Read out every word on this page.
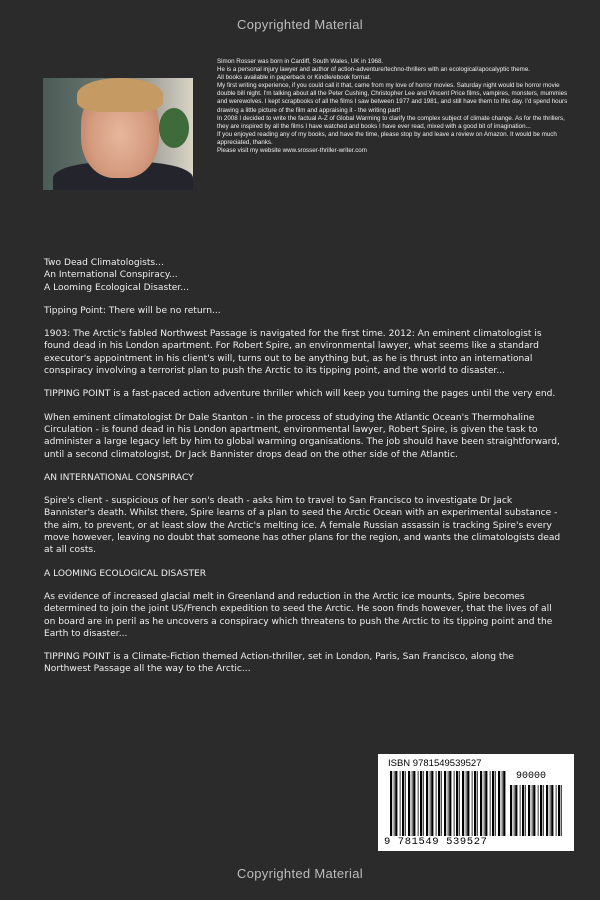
Copyrighted Material

Simon Rosser was born in Cardiff, South Wales, UK in 1968.

He is a personal injury lawyer and author of action-adventure/techno-thrillers with an ecological/apocalyptic theme.

All books available in paperback or Kindle/ebook format.

My first writing experience, if you could call it that, came from my love of horror movies. Saturday night would be horror movie double bill night. I'm talking about all the Peter Cushing, Christopher Lee and Vincent Price films, vampires, monsters, mummies and werewolves. I kept scrapbooks of all the films I saw between 1977 and 1981, and still have them to this day. I'd spend hours drawing a little picture of the film and appraising it - the writing part!

In 2008 I decided to write the factual A-Z of Global Warming to clarify the complex subject of climate change. As for the thrillers, they are inspired by all the films I have watched and books I have ever read, mixed with a good bit of imagination...

If you enjoyed reading any of my books, and have the time, please stop by and leave a review on Amazon. It would be much appreciated, thanks.

Please visit my website www.srosser-thriller-writer.com

Two Dead Climatologists...

An International Conspiracy...

A Looming Ecological Disaster...

Tipping Point: There will be no return...

1903: The Arctic's fabled Northwest Passage is navigated for the first time. 2012: An eminent climatologist is found dead in his London apartment. For Robert Spire, an environmental lawyer, what seems like a standard executor's appointment in his client's will, turns out to be anything but, as he is thrust into an international conspiracy involving a terrorist plan to push the Arctic to its tipping point, and the world to disaster...

TIPPING POINT is a fast-paced action adventure thriller which will keep you turning the pages until the very end.

When eminent climatologist Dr Dale Stanton - in the process of studying the Atlantic Ocean's Thermohaline Circulation - is found dead in his London apartment, environmental lawyer, Robert Spire, is given the task to administer a large legacy left by him to global warming organisations. The job should have been straightforward, until a second climatologist, Dr Jack Bannister drops dead on the other side of the Atlantic.

AN INTERNATIONAL CONSPIRACY

Spire's client - suspicious of her son's death - asks him to travel to San Francisco to investigate Dr Jack Bannister's death. Whilst there, Spire learns of a plan to seed the Arctic Ocean with an experimental substance - the aim, to prevent, or at least slow the Arctic's melting ice. A female Russian assassin is tracking Spire's every move however, leaving no doubt that someone has other plans for the region, and wants the climatologists dead at all costs.

A LOOMING ECOLOGICAL DISASTER

As evidence of increased glacial melt in Greenland and reduction in the Arctic ice mounts, Spire becomes determined to join the joint US/French expedition to seed the Arctic. He soon finds however, that the lives of all on board are in peril as he uncovers a conspiracy which threatens to push the Arctic to its tipping point and the Earth to disaster...

TIPPING POINT is a Climate-Fiction themed Action-thriller, set in London, Paris, San Francisco, along the Northwest Passage all the way to the Arctic...

ISBN 9781549539527
90000
9 781549 539527
Copyrighted Material
